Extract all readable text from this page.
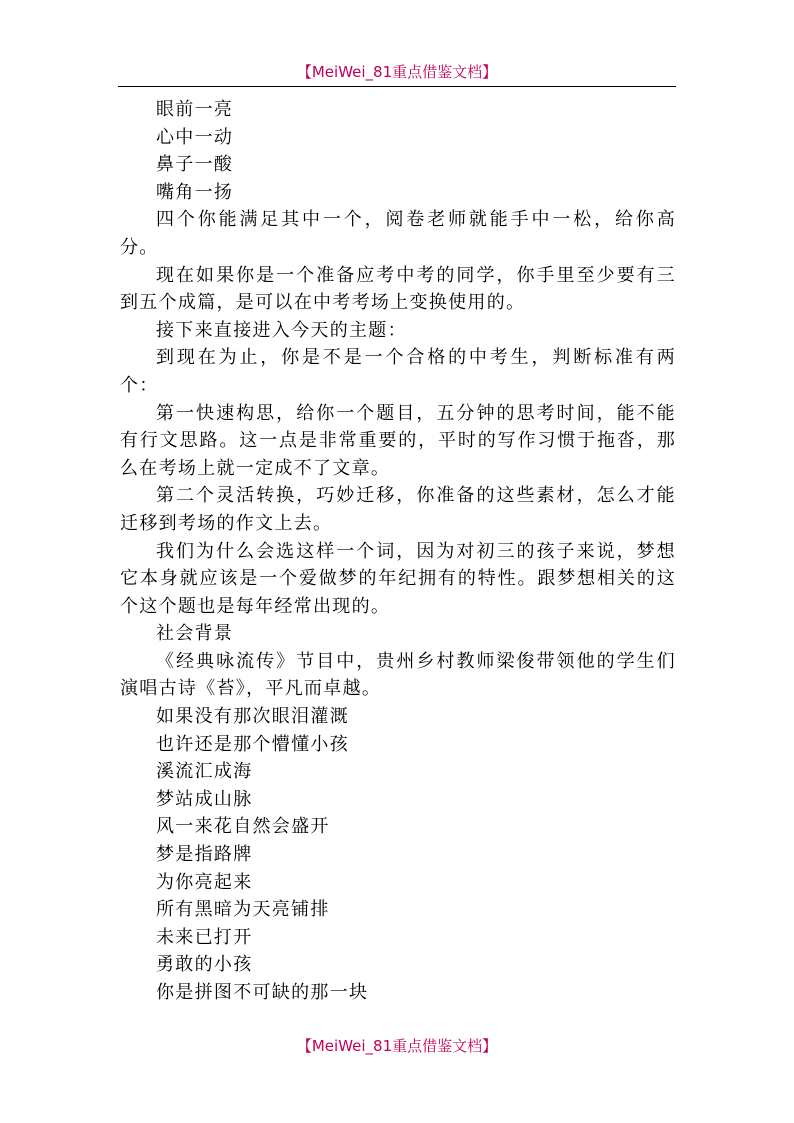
【MeiWei_81重点借鉴文档】

眼前一亮

心中一动

鼻子一酸

嘴角一扬

四个你能满足其中一个，阅卷老师就能手中一松，给你高分。

现在如果你是一个准备应考中考的同学，你手里至少要有三到五个成篇，是可以在中考考场上变换使用的。

接下来直接进入今天的主题：

到现在为止，你是不是一个合格的中考生，判断标准有两个：

第一快速构思，给你一个题目，五分钟的思考时间，能不能有行文思路。这一点是非常重要的，平时的写作习惯于拖沓，那么在考场上就一定成不了文章。

第二个灵活转换，巧妙迁移，你准备的这些素材，怎么才能迁移到考场的作文上去。

我们为什么会选这样一个词，因为对初三的孩子来说，梦想它本身就应该是一个爱做梦的年纪拥有的特性。跟梦想相关的这个这个题也是每年经常出现的。

社会背景

《经典咏流传》节目中，贵州乡村教师梁俊带领他的学生们演唱古诗《苔》，平凡而卓越。

如果没有那次眼泪灌溉

也许还是那个懵懂小孩

溪流汇成海

梦站成山脉

风一来花自然会盛开

梦是指路牌

为你亮起来

所有黑暗为天亮铺排

未来已打开

勇敢的小孩

你是拼图不可缺的那一块

【MeiWei_81重点借鉴文档】
